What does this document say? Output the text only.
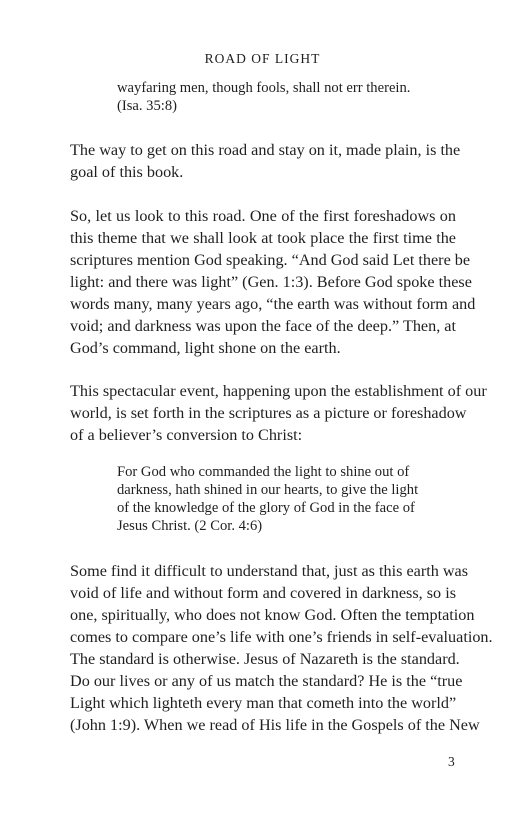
ROAD OF LIGHT
wayfaring men, though fools, shall not err therein.
(Isa. 35:8)
The way to get on this road and stay on it, made plain, is the
goal of this book.
So, let us look to this road. One of the first foreshadows on
this theme that we shall look at took place the first time the
scriptures mention God speaking. “And God said Let there be
light: and there was light” (Gen. 1:3). Before God spoke these
words many, many years ago, “the earth was without form and
void; and darkness was upon the face of the deep.” Then, at
God’s command, light shone on the earth.
This spectacular event, happening upon the establishment of our
world, is set forth in the scriptures as a picture or foreshadow
of a believer’s conversion to Christ:
For God who commanded the light to shine out of
darkness, hath shined in our hearts, to give the light
of the knowledge of the glory of God in the face of
Jesus Christ. (2 Cor. 4:6)
Some find it difficult to understand that, just as this earth was
void of life and without form and covered in darkness, so is
one, spiritually, who does not know God. Often the temptation
comes to compare one’s life with one’s friends in self-evaluation.
The standard is otherwise. Jesus of Nazareth is the standard.
Do our lives or any of us match the standard? He is the “true
Light which lighteth every man that cometh into the world”
(John 1:9). When we read of His life in the Gospels of the New
3
